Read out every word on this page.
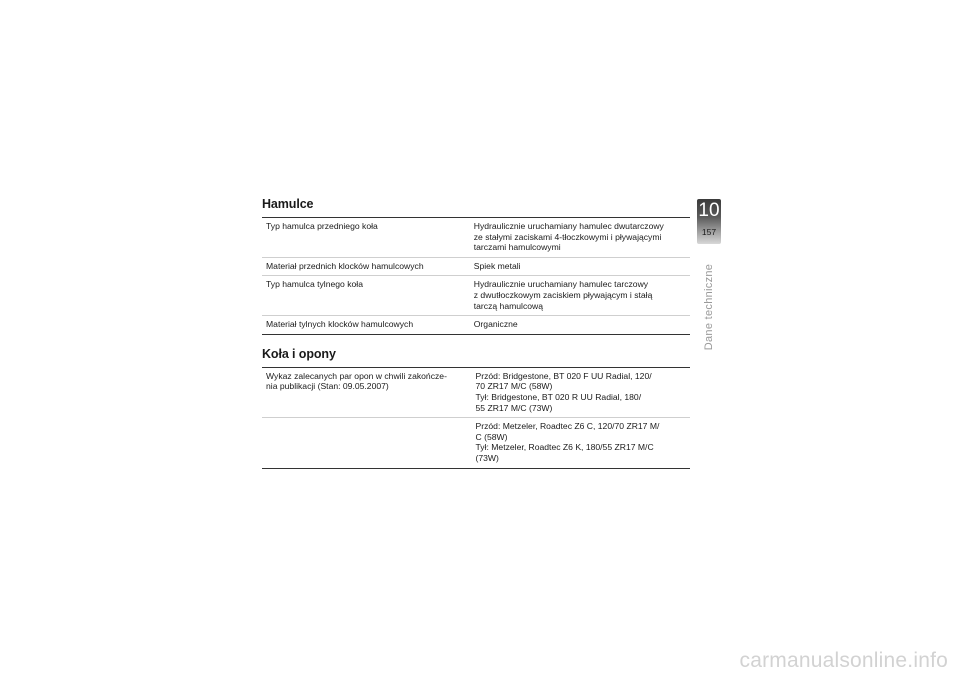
Hamulce
Typ hamulca przedniego koła	Hydraulicznie uruchamiany hamulec dwutarczowy
ze stałymi zaciskami 4-tłoczkowymi i pływającymi
tarczami hamulcowymi

Materiał przednich klocków hamulcowych	Spiek metali

Typ hamulca tylnego koła	Hydraulicznie uruchamiany hamulec tarczowy
z dwutłoczkowym zaciskiem pływającym i stałą
tarczą hamulcową

Materiał tylnych klocków hamulcowych	Organiczne
Koła i opony
Wykaz zalecanych par opon w chwili zakończe-
nia publikacji (Stan: 09.05.2007)	Przód: Bridgestone, BT 020 F UU Radial, 120/
70 ZR17 M/C (58W)
Tył: Bridgestone, BT 020 R UU Radial, 180/
55 ZR17 M/C (73W)

	Przód: Metzeler, Roadtec Z6 C, 120/70 ZR17 M/
C (58W)
Tył: Metzeler, Roadtec Z6 K, 180/55 ZR17 M/C
(73W)
10
157
Dane techniczne
carmanualsonline.info
